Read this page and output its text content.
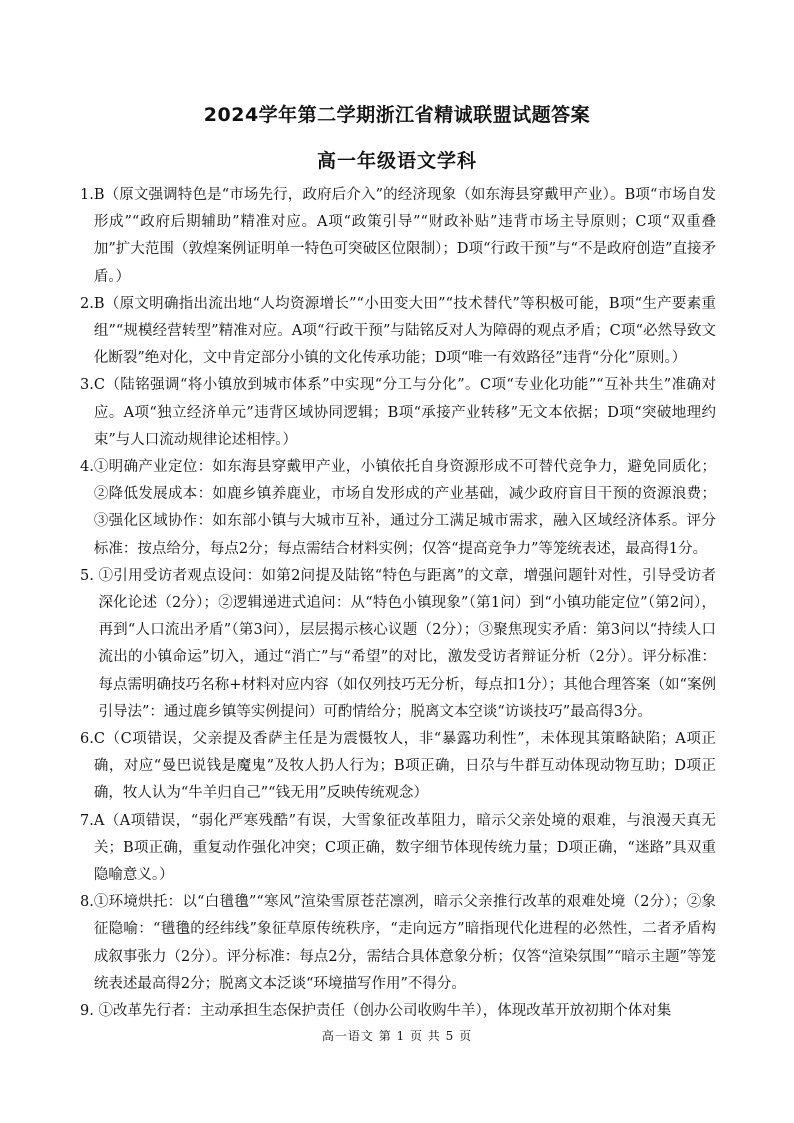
2024学年第二学期浙江省精诚联盟试题答案
高一年级语文学科
1. B（原文强调特色是“市场先行，政府后介入”的经济现象（如东海县穿戴甲产业）。B项“市场自发形成”“政府后期辅助”精准对应。A项“政策引导”“财政补贴”违背市场主导原则；C项“双重叠加”扩大范围（敦煌案例证明单一特色可突破区位限制）；D项“行政干预”与“不是政府创造”直接矛盾。）
2. B（原文明确指出流出地“人均资源增长”“小田变大田”“技术替代”等积极可能，B项“生产要素重组”“规模经营转型”精准对应。A项“行政干预”与陆铭反对人为障碍的观点矛盾；C项“必然导致文化断裂”绝对化，文中肯定部分小镇的文化传承功能；D项“唯一有效路径”违背“分化”原则。）
3. C（陆铭强调“将小镇放到城市体系”中实现“分工与分化”。C项“专业化功能”“互补共生”准确对应。A项“独立经济单元”违背区域协同逻辑；B项“承接产业转移”无文本依据；D项“突破地理约束”与人口流动规律论述相悖。）
4. ①明确产业定位：如东海县穿戴甲产业，小镇依托自身资源形成不可替代竞争力，避免同质化；②降低发展成本：如鹿乡镇养鹿业，市场自发形成的产业基础，减少政府盲目干预的资源浪费；③强化区域协作：如东部小镇与大城市互补，通过分工满足城市需求，融入区域经济体系。评分标准：按点给分，每点2分；每点需结合材料实例；仅答“提高竞争力”等笼统表述，最高得1分。
5. ①引用受访者观点设问：如第2问提及陆铭“特色与距离”的文章，增强问题针对性，引导受访者深化论述（2分）；②逻辑递进式追问：从“特色小镇现象”（第1问）到“小镇功能定位”（第2问），再到“人口流出矛盾”（第3问），层层揭示核心议题（2分）；③聚焦现实矛盾：第3问以“持续人口流出的小镇命运”切入，通过“消亡”与“希望”的对比，激发受访者辩证分析（2分）。评分标准：每点需明确技巧名称+材料对应内容（如仅列技巧无分析，每点扣1分）；其他合理答案（如“案例引导法”：通过鹿乡镇等实例提问）可酌情给分；脱离文本空谈“访谈技巧”最高得3分。
6. C（C项错误，父亲提及香萨主任是为震慑牧人，非“暴露功利性”，未体现其策略缺陷；A项正确，对应“曼巴说钱是魔鬼”及牧人扔人行为；B项正确，日尕与牛群互动体现动物互助；D项正确，牧人认为“牛羊归自己”“钱无用”反映传统观念）
7. A（A项错误，“弱化严寒残酷”有误，大雪象征改革阻力，暗示父亲处境的艰难，与浪漫天真无关；B项正确，重复动作强化冲突；C项正确，数字细节体现传统力量；D项正确，“迷路”具双重隐喻意义。）
8. ①环境烘托：以“白氆氇”“寒风”渲染雪原苍茫凛冽，暗示父亲推行改革的艰难处境（2分）；②象征隐喻：“氆氇的经纬线”象征草原传统秩序，“走向远方”暗指现代化进程的必然性，二者矛盾构成叙事张力（2分）。评分标准：每点2分，需结合具体意象分析；仅答“渲染氛围”“暗示主题”等笼统表述最高得2分；脱离文本泛谈“环境描写作用”不得分。
9. ①改革先行者：主动承担生态保护责任（创办公司收购牛羊），体现改革开放初期个体对集
高一语文 第 1 页 共 5 页
